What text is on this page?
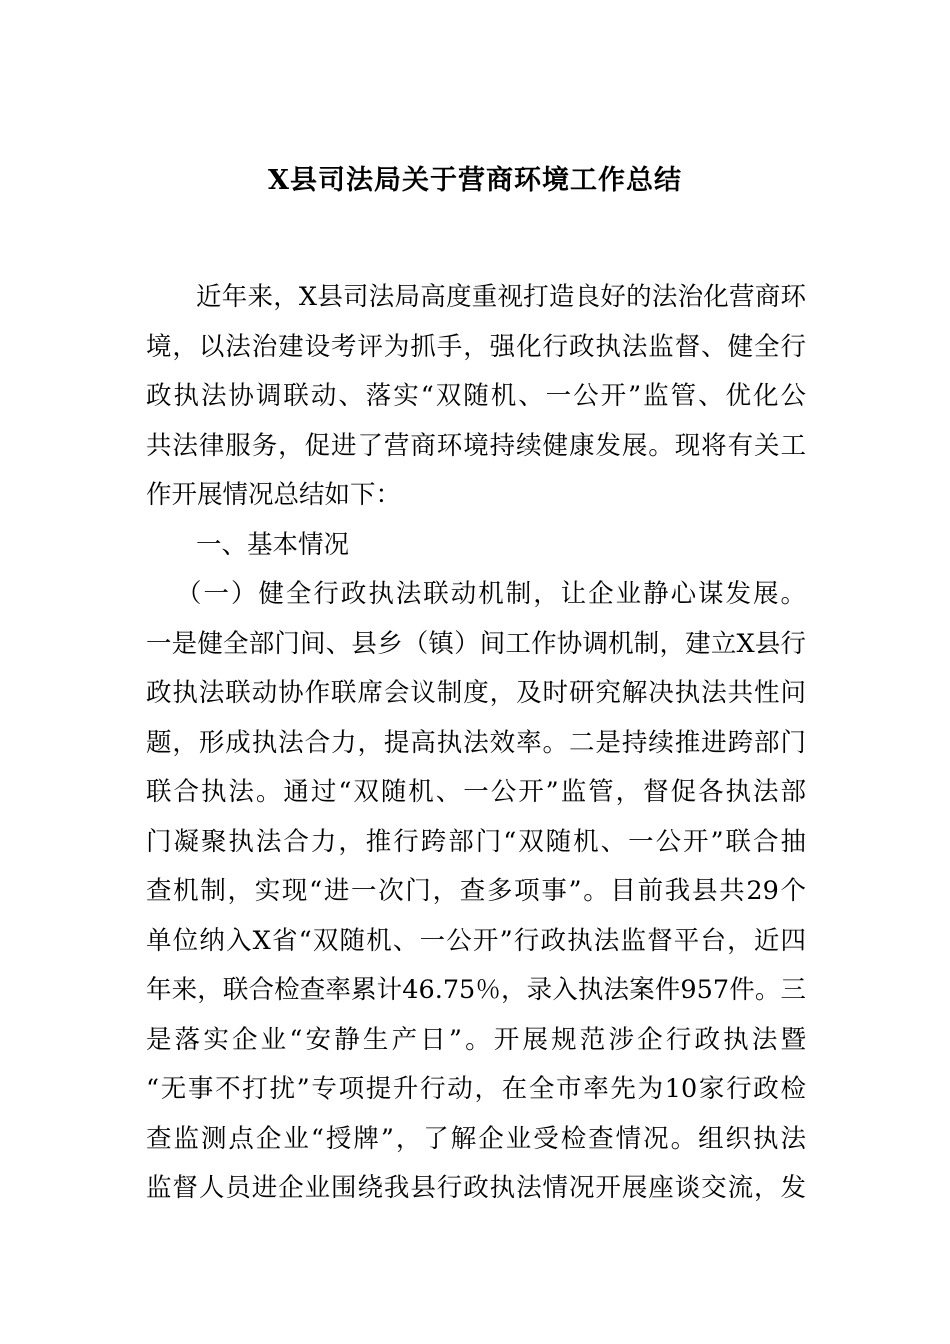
X县司法局关于营商环境工作总结

近年来，X县司法局高度重视打造良好的法治化营商环

境，以法治建设考评为抓手，强化行政执法监督、健全行

政执法协调联动、落实“双随机、一公开”监管、优化公

共法律服务，促进了营商环境持续健康发展。现将有关工

作开展情况总结如下：

一、基本情况

（一）健全行政执法联动机制，让企业静心谋发展。

一是健全部门间、县乡（镇）间工作协调机制，建立X县行

政执法联动协作联席会议制度，及时研究解决执法共性问

题，形成执法合力，提高执法效率。二是持续推进跨部门

联合执法。通过“双随机、一公开”监管，督促各执法部

门凝聚执法合力，推行跨部门“双随机、一公开”联合抽

查机制，实现“进一次门，查多项事”。目前我县共29个

单位纳入X省“双随机、一公开”行政执法监督平台，近四

年来，联合检查率累计46.75％，录入执法案件957件。三

是落实企业“安静生产日”。开展规范涉企行政执法暨

“无事不打扰”专项提升行动，在全市率先为10家行政检

查监测点企业“授牌”，了解企业受检查情况。组织执法

监督人员进企业围绕我县行政执法情况开展座谈交流，发
